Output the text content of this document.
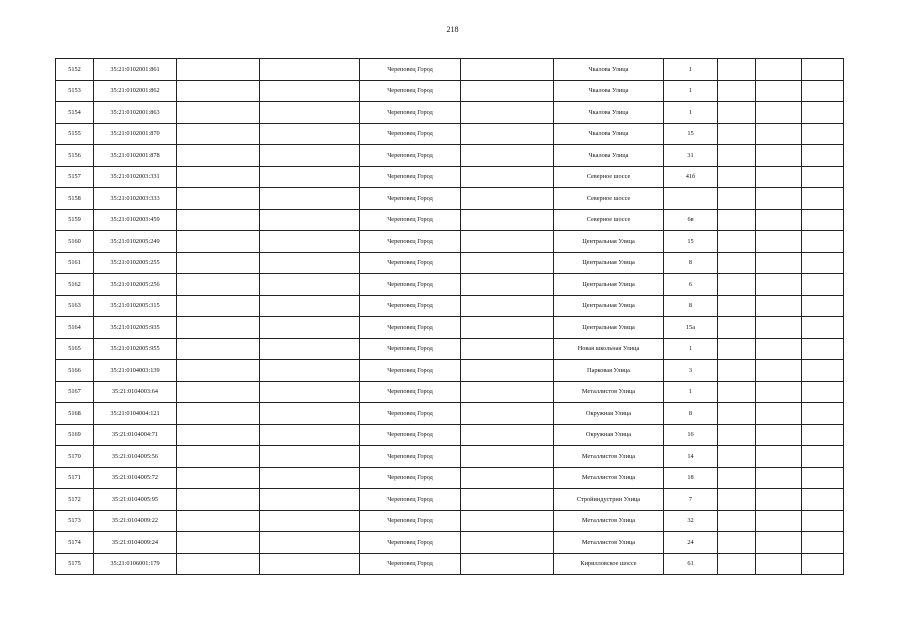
218
5152	35:21:0102001:861			Череповец Город		Чкалова Улица	1			
5153	35:21:0102001:862			Череповец Город		Чкалова Улица	1			
5154	35:21:0102001:863			Череповец Город		Чкалова Улица	1			
5155	35:21:0102001:870			Череповец Город		Чкалова Улица	15			
5156	35:21:0102001:878			Череповец Город		Чкалова Улица	31			
5157	35:21:0102003:331			Череповец Город		Северное шоссе	41б			
5158	35:21:0102003:333			Череповец Город		Северное шоссе				
5159	35:21:0102003:459			Череповец Город		Северное шоссе	6в			
5160	35:21:0102005:249			Череповец Город		Центральная Улица	15			
5161	35:21:0102005:255			Череповец Город		Центральная Улица	8			
5162	35:21:0102005:256			Череповец Город		Центральная Улица	6			
5163	35:21:0102005:315			Череповец Город		Центральная Улица	8			
5164	35:21:0102005:935			Череповец Город		Центральная Улица	15а			
5165	35:21:0102005:955			Череповец Город		Новая школьная Улица	1			
5166	35:21:0104003:139			Череповец Город		Парковая Улица	3			
5167	35:21:0104003:64			Череповец Город		Металлистов Улица	1			
5168	35:21:0104004:121			Череповец Город		Окружная Улица	8			
5169	35:21:0104004:71			Череповец Город		Окружная Улица	16			
5170	35:21:0104005:56			Череповец Город		Металлистов Улица	14			
5171	35:21:0104005:72			Череповец Город		Металлистов Улица	18			
5172	35:21:0104005:95			Череповец Город		Стройиндустрии Улица	7			
5173	35:21:0104009:22			Череповец Город		Металлистов Улица	32			
5174	35:21:0104009:24			Череповец Город		Металлистов Улица	24			
5175	35:21:0106001:179			Череповец Город		Кирилловское шоссе	61			
